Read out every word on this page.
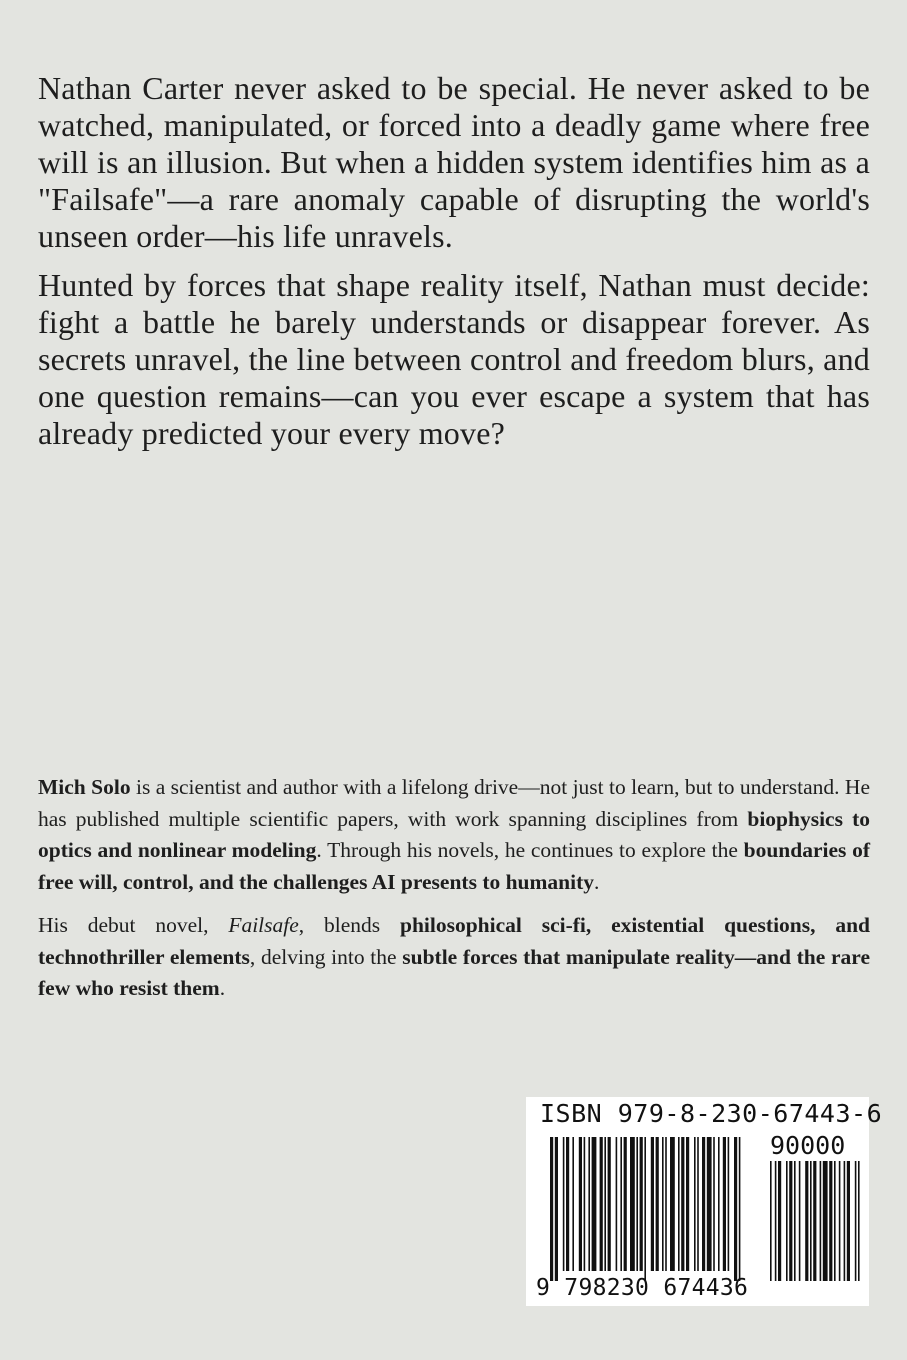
Nathan Carter never asked to be special. He never asked to be watched, manipulated, or forced into a deadly game where free will is an illusion. But when a hidden system identifies him as a "Failsafe"—a rare anomaly capable of disrupting the world's unseen order—his life unravels.

Hunted by forces that shape reality itself, Nathan must decide: fight a battle he barely understands or disappear forever. As secrets unravel, the line between control and freedom blurs, and one question remains—can you ever escape a system that has already predicted your every move?

Mich Solo is a scientist and author with a lifelong drive—not just to learn, but to understand. He has published multiple scientific papers, with work spanning disciplines from biophysics to optics and nonlinear modeling. Through his novels, he continues to explore the boundaries of free will, control, and the challenges AI presents to humanity.

His debut novel, Failsafe, blends philosophical sci-fi, existential questions, and technothriller elements, delving into the subtle forces that manipulate reality—and the rare few who resist them.

ISBN 979-8-230-67443-6
90000
9 798230 674436
